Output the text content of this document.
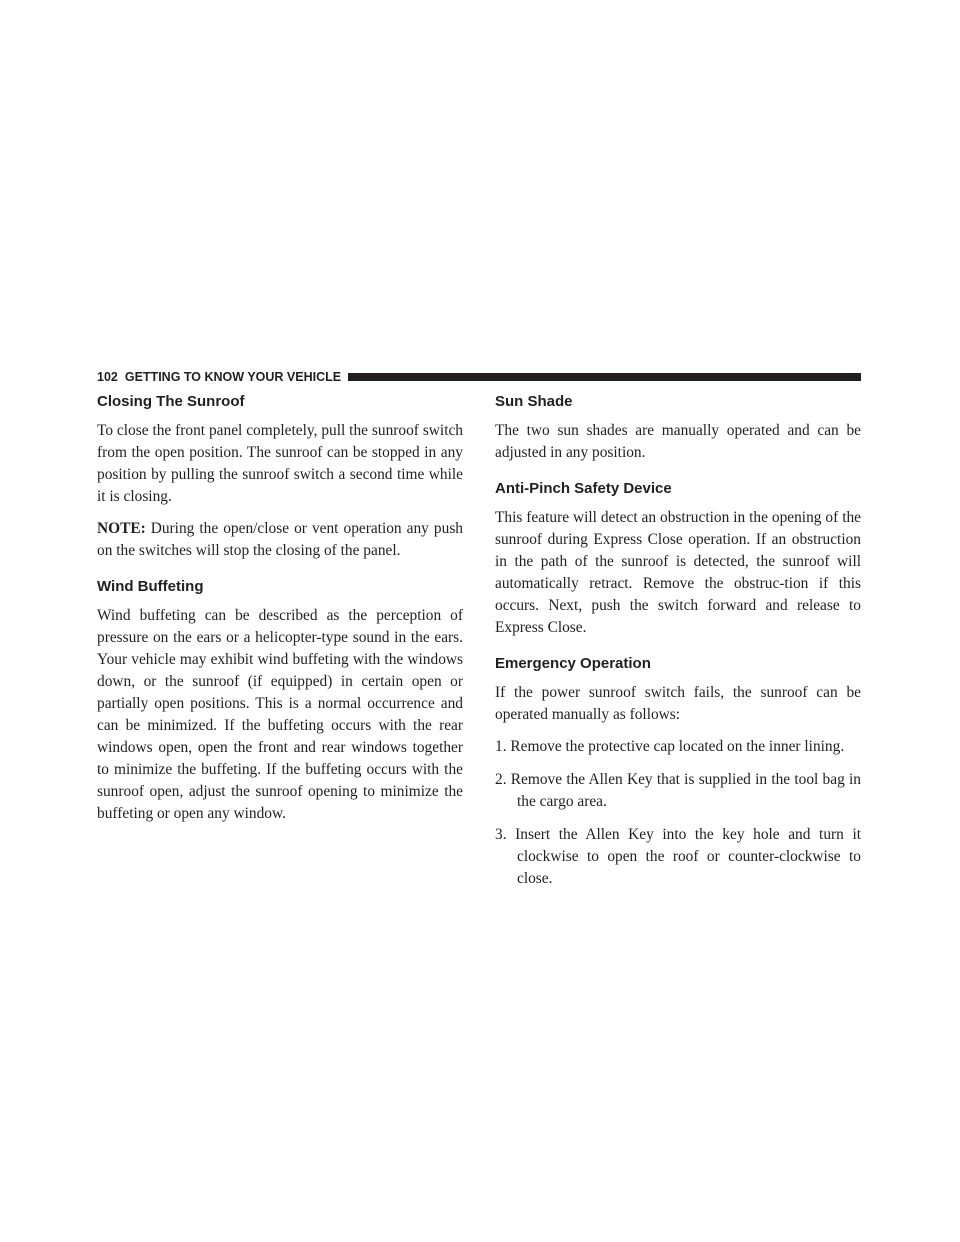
102 GETTING TO KNOW YOUR VEHICLE
Closing The Sunroof

To close the front panel completely, pull the sunroof switch from the open position. The sunroof can be stopped in any position by pulling the sunroof switch a second time while it is closing.

NOTE: During the open/close or vent operation any push on the switches will stop the closing of the panel.

Wind Buffeting

Wind buffeting can be described as the perception of pressure on the ears or a helicopter-type sound in the ears. Your vehicle may exhibit wind buffeting with the windows down, or the sunroof (if equipped) in certain open or partially open positions. This is a normal occurrence and can be minimized. If the buffeting occurs with the rear windows open, open the front and rear windows together to minimize the buffeting. If the buffeting occurs with the sunroof open, adjust the sunroof opening to minimize the buffeting or open any window.

Sun Shade

The two sun shades are manually operated and can be adjusted in any position.

Anti-Pinch Safety Device

This feature will detect an obstruction in the opening of the sunroof during Express Close operation. If an obstruction in the path of the sunroof is detected, the sunroof will automatically retract. Remove the obstruc-tion if this occurs. Next, push the switch forward and release to Express Close.

Emergency Operation

If the power sunroof switch fails, the sunroof can be operated manually as follows:

1. Remove the protective cap located on the inner lining.
2. Remove the Allen Key that is supplied in the tool bag in the cargo area.
3. Insert the Allen Key into the key hole and turn it clockwise to open the roof or counter-clockwise to close.
